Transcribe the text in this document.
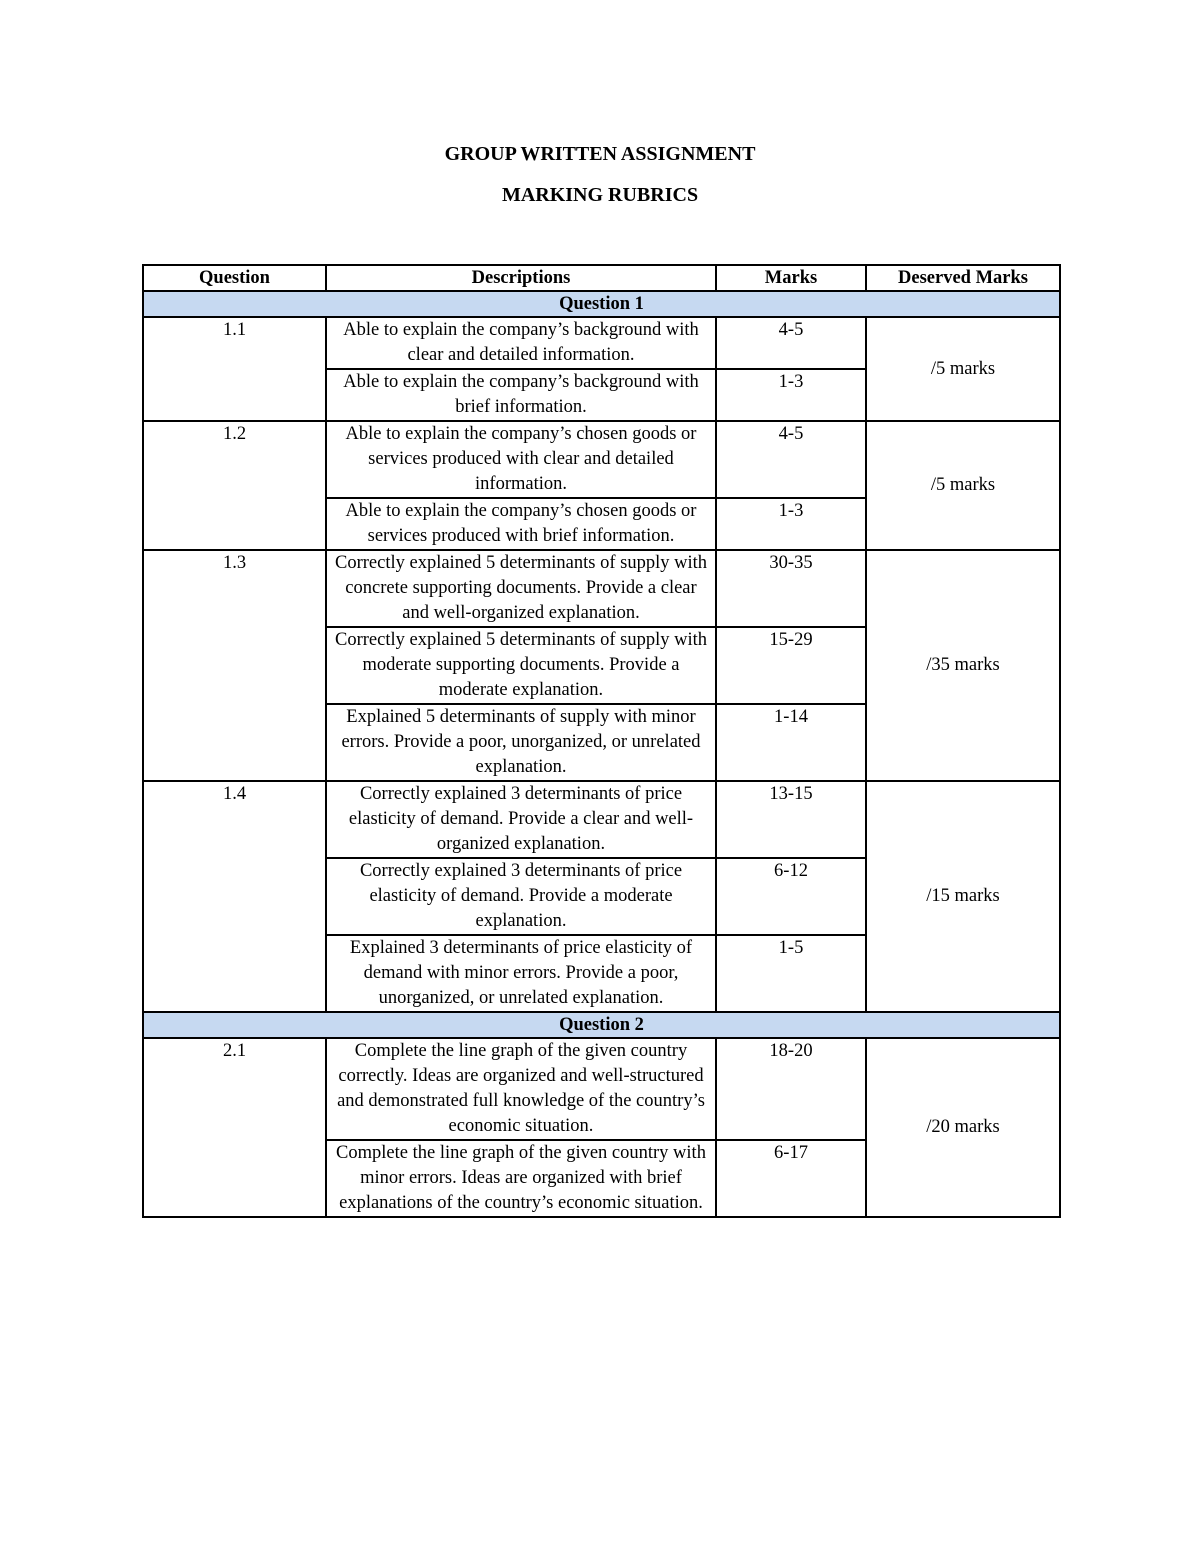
GROUP WRITTEN ASSIGNMENT
MARKING RUBRICS
Question	Descriptions	Marks	Deserved Marks
Question 1			
1.1	Able to explain the company’s background with clear and detailed information.	4-5	/5 marks
	Able to explain the company’s background with brief information.	1-3	
1.2	Able to explain the company’s chosen goods or services produced with clear and detailed information.	4-5	/5 marks
	Able to explain the company’s chosen goods or services produced with brief information.	1-3	
1.3	Correctly explained 5 determinants of supply with concrete supporting documents. Provide a clear and well-organized explanation.	30-35	/35 marks
	Correctly explained 5 determinants of supply with moderate supporting documents. Provide a moderate explanation.	15-29	
	Explained 5 determinants of supply with minor errors. Provide a poor, unorganized, or unrelated explanation.	1-14	
1.4	Correctly explained 3 determinants of price elasticity of demand. Provide a clear and well-organized explanation.	13-15	/15 marks
	Correctly explained 3 determinants of price elasticity of demand. Provide a moderate explanation.	6-12	
	Explained 3 determinants of price elasticity of demand with minor errors. Provide a poor, unorganized, or unrelated explanation.	1-5	
Question 2			
2.1	Complete the line graph of the given country correctly. Ideas are organized and well-structured and demonstrated full knowledge of the country’s economic situation.	18-20	/20 marks
	Complete the line graph of the given country with minor errors. Ideas are organized with brief explanations of the country’s economic situation.	6-17	
